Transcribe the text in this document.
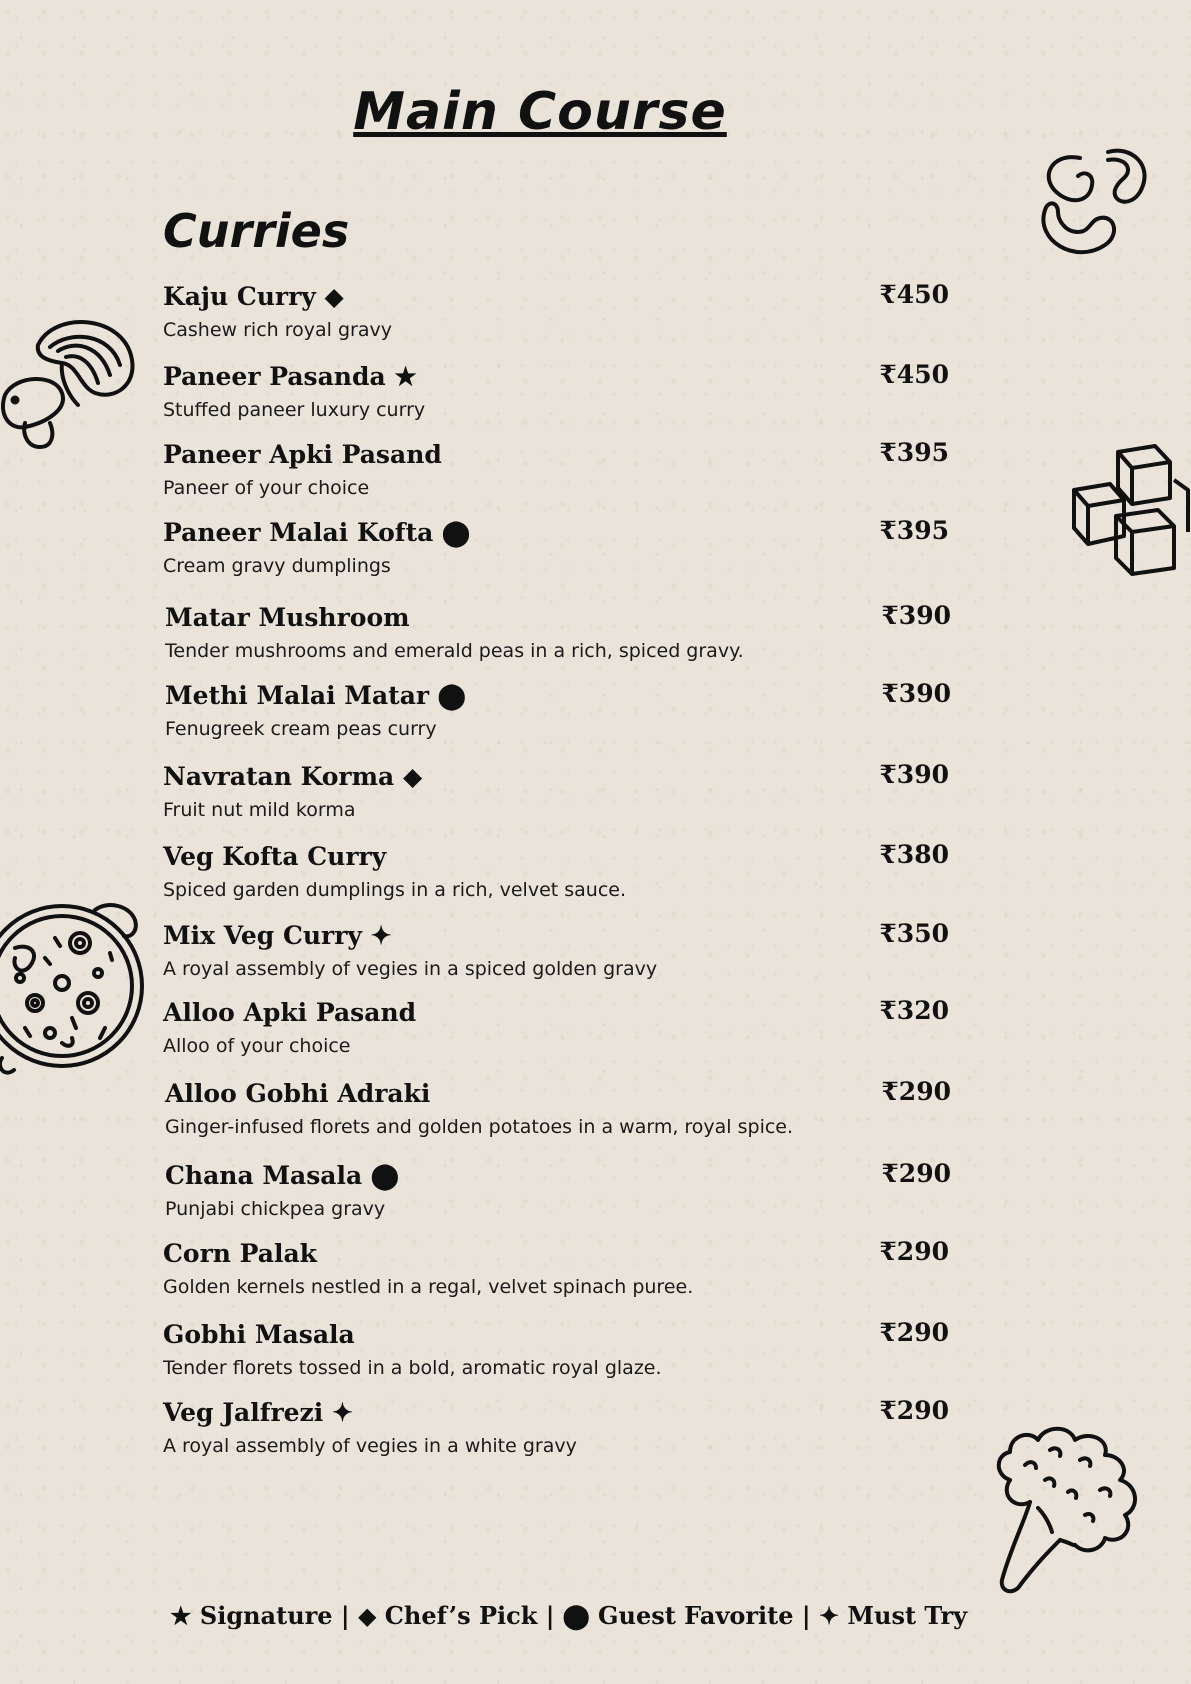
Main Course
Curries
Kaju Curry ◆	₹450
Cashew rich royal gravy
Paneer Pasanda ★	₹450
Stuffed paneer luxury curry
Paneer Apki Pasand	₹395
Paneer of your choice
Paneer Malai Kofta ⬤	₹395
Cream gravy dumplings
Matar Mushroom	₹390
Tender mushrooms and emerald peas in a rich, spiced gravy.
Methi Malai Matar ⬤	₹390
Fenugreek cream peas curry
Navratan Korma ◆	₹390
Fruit nut mild korma
Veg Kofta Curry	₹380
Spiced garden dumplings in a rich, velvet sauce.
Mix Veg Curry ✦	₹350
A royal assembly of vegies in a spiced golden gravy
Alloo Apki Pasand	₹320
Alloo of your choice
Alloo Gobhi Adraki	₹290
Ginger-infused florets and golden potatoes in a warm, royal spice.
Chana Masala ⬤	₹290
Punjabi chickpea gravy
Corn Palak	₹290
Golden kernels nestled in a regal, velvet spinach puree.
Gobhi Masala	₹290
Tender florets tossed in a bold, aromatic royal glaze.
Veg Jalfrezi ✦	₹290
A royal assembly of vegies in a white gravy
★ Signature | ◆ Chef’s Pick | ⬤ Guest Favorite | ✦ Must Try
